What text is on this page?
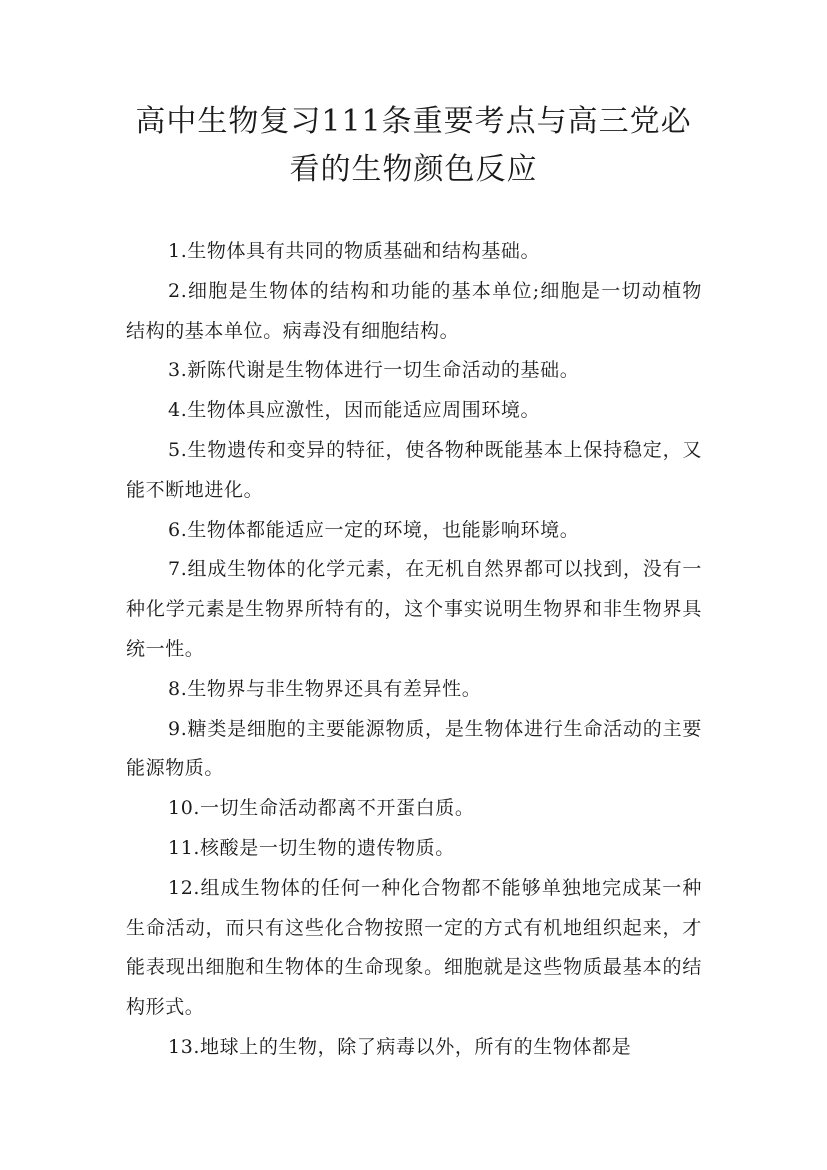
高中生物复习111条重要考点与高三党必看的生物颜色反应

1.生物体具有共同的物质基础和结构基础。

2.细胞是生物体的结构和功能的基本单位;细胞是一切动植物结构的基本单位。病毒没有细胞结构。

3.新陈代谢是生物体进行一切生命活动的基础。

4.生物体具应激性，因而能适应周围环境。

5.生物遗传和变异的特征，使各物种既能基本上保持稳定，又能不断地进化。

6.生物体都能适应一定的环境，也能影响环境。

7.组成生物体的化学元素，在无机自然界都可以找到，没有一种化学元素是生物界所特有的，这个事实说明生物界和非生物界具统一性。

8.生物界与非生物界还具有差异性。

9.糖类是细胞的主要能源物质，是生物体进行生命活动的主要能源物质。

10.一切生命活动都离不开蛋白质。

11.核酸是一切生物的遗传物质。

12.组成生物体的任何一种化合物都不能够单独地完成某一种生命活动，而只有这些化合物按照一定的方式有机地组织起来，才能表现出细胞和生物体的生命现象。细胞就是这些物质最基本的结构形式。

13.地球上的生物，除了病毒以外，所有的生物体都是
